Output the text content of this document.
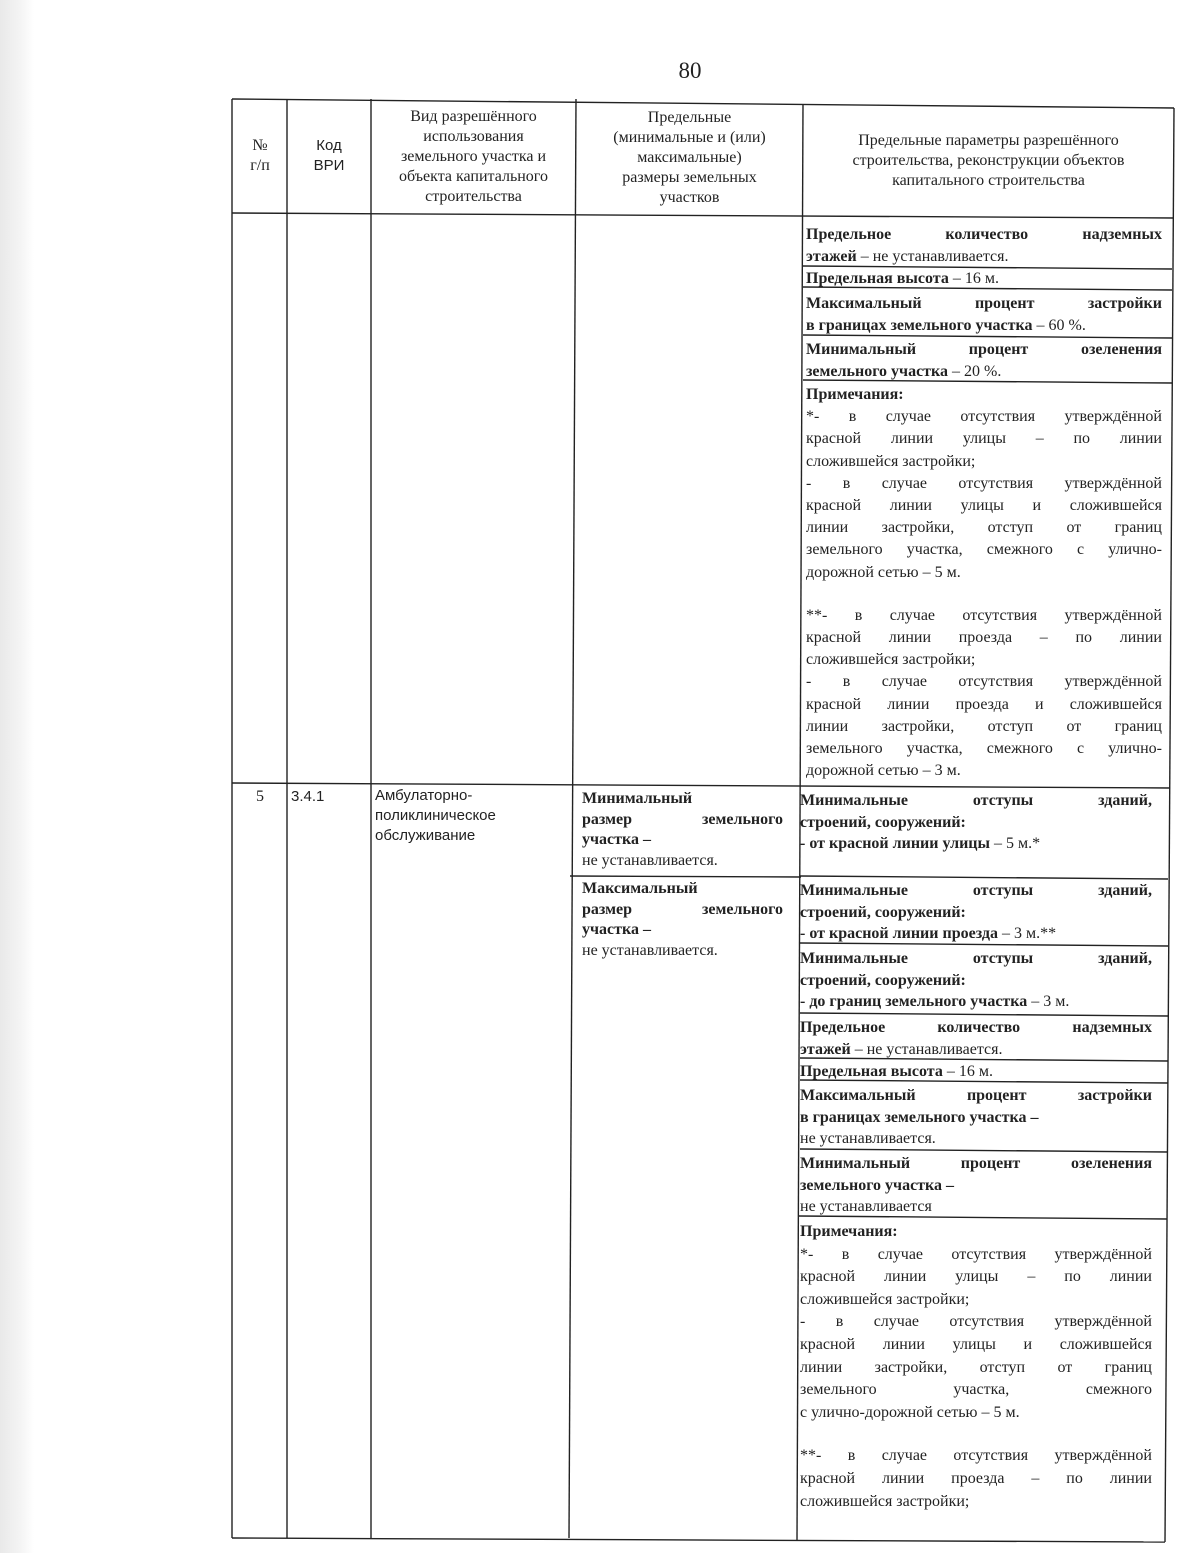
80
№
г/п
Код
ВРИ
Вид разрешённого
использования
земельного участка и
объекта капитального
строительства
Предельные
(минимальные и (или)
максимальные)
размеры земельных
участков
Предельные параметры разрешённого
строительства, реконструкции объектов
капитального строительства
Предельное количество надземных
этажей – не устанавливается.
Предельная высота – 16 м.
Максимальный процент застройки
в границах земельного участка – 60 %.
Минимальный процент озеленения
земельного участка – 20 %.
Примечания:
*- в случае отсутствия утверждённой
красной линии улицы – по линии
сложившейся застройки;
- в случае отсутствия утверждённой
красной линии улицы и сложившейся
линии застройки, отступ от границ
земельного участка, смежного с улично-
дорожной сетью – 5 м.
**- в случае отсутствия утверждённой
красной линии проезда – по линии
сложившейся застройки;
- в случае отсутствия утверждённой
красной линии проезда и сложившейся
линии застройки, отступ от границ
земельного участка, смежного с улично-
дорожной сетью – 3 м.
5	3.4.1	Амбулаторно-
поликлиническое
обслуживание
Минимальный
размер земельного
участка –
не устанавливается.
Максимальный
размер земельного
участка –
не устанавливается.
Минимальные отступы зданий,
строений, сооружений:
- от красной линии улицы – 5 м.*
Минимальные отступы зданий,
строений, сооружений:
- от красной линии проезда – 3 м.**
Минимальные отступы зданий,
строений, сооружений:
- до границ земельного участка – 3 м.
Предельное количество надземных
этажей – не устанавливается.
Предельная высота – 16 м.
Максимальный процент застройки
в границах земельного участка –
не устанавливается.
Минимальный процент озеленения
земельного участка –
не устанавливается
Примечания:
*- в случае отсутствия утверждённой
красной линии улицы – по линии
сложившейся застройки;
- в случае отсутствия утверждённой
красной линии улицы и сложившейся
линии застройки, отступ от границ
земельного участка, смежного
с улично-дорожной сетью – 5 м.
**- в случае отсутствия утверждённой
красной линии проезда – по линии
сложившейся застройки;
